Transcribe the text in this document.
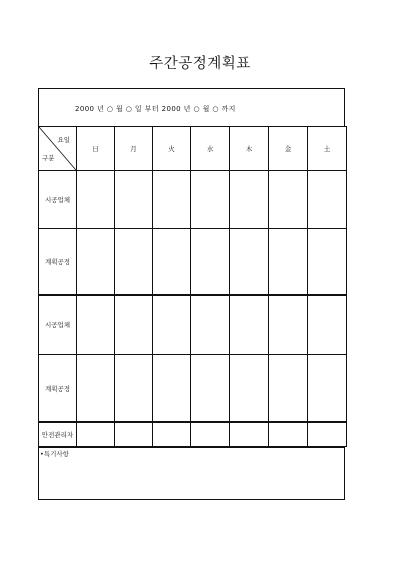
주간공정계획표
2000 년 ○ 월 ○ 일 부터 2000 년 ○ 월 ○ 까지
요일
구분	日	月	火	水	木	金	土
시공업체							
계획공정							
시공업체							
계획공정							
안전관리자							
•특기사항
